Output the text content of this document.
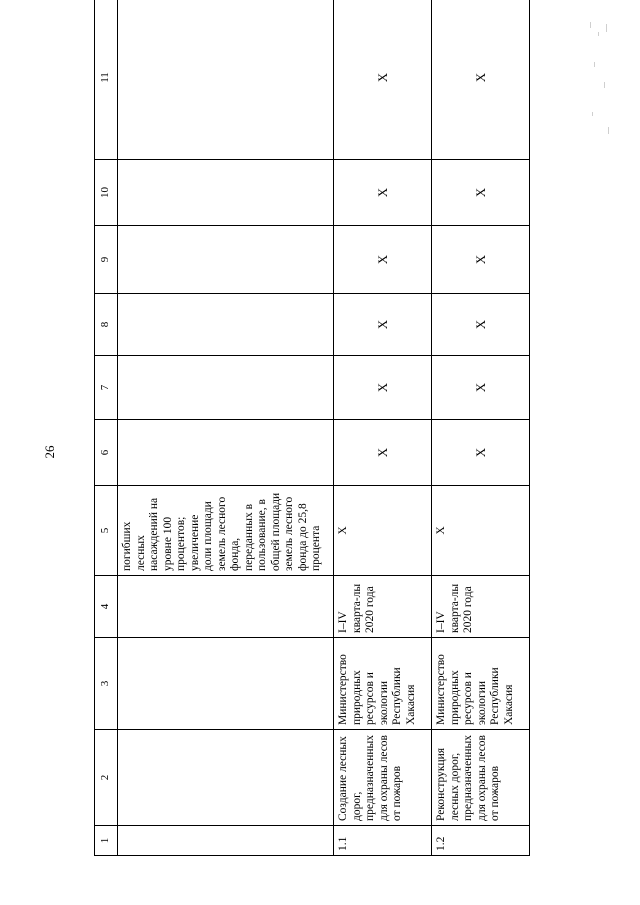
26
1	2	3	4	5	6	7	8	9	10	11
				погибших лесных насаждений на уровне 100 процентов; увеличение доли площади земель лесного фонда, переданных в пользование, в общей площади земель лесного фонда до 25,8 процента						
1.1	Создание лесных дорог, предназначенных для охраны лесов от пожаров	Министерство природных ресурсов и экологии Республики Хакасия	I–IV кварта-лы 2020 года	Х	Х	Х	Х	Х	Х	Х
1.2	Реконструкция лесных дорог, предназначенных для охраны лесов от пожаров	Министерство природных ресурсов и экологии Республики Хакасия	I–IV кварта-лы 2020 года	Х	Х	Х	Х	Х	Х	Х
